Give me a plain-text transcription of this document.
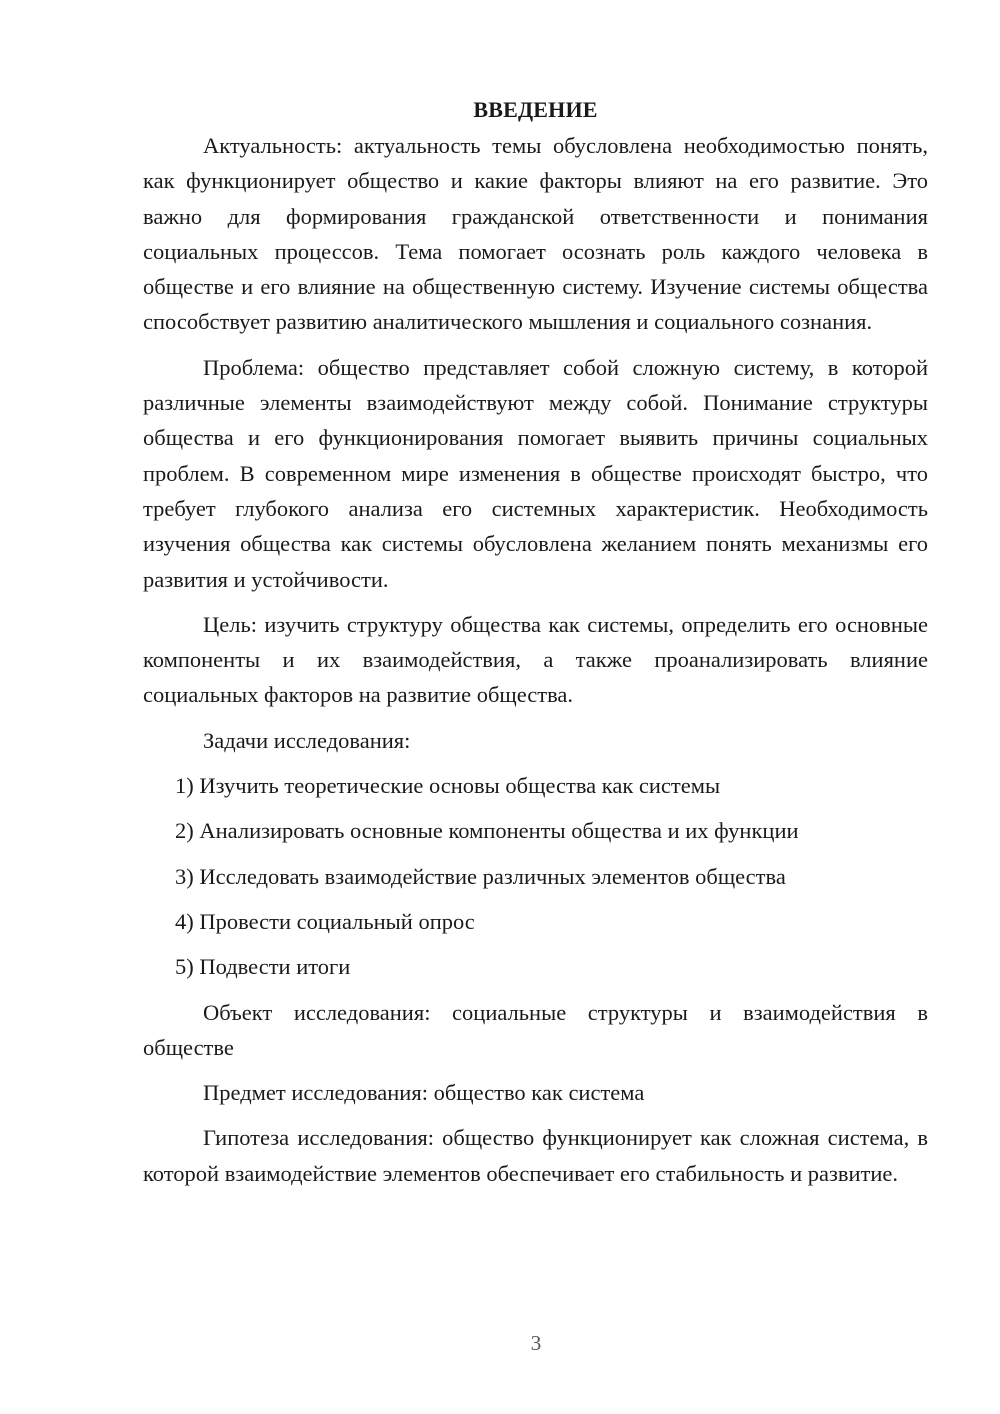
ВВЕДЕНИЕ

Актуальность: актуальность темы обусловлена необходимостью понять, как функционирует общество и какие факторы влияют на его развитие. Это важно для формирования гражданской ответственности и понимания социальных процессов. Тема помогает осознать роль каждого человека в обществе и его влияние на общественную систему. Изучение системы общества способствует развитию аналитического мышления и социального сознания.

Проблема: общество представляет собой сложную систему, в которой различные элементы взаимодействуют между собой. Понимание структуры общества и его функционирования помогает выявить причины социальных проблем. В современном мире изменения в обществе происходят быстро, что требует глубокого анализа его системных характеристик. Необходимость изучения общества как системы обусловлена желанием понять механизмы его развития и устойчивости.

Цель: изучить структуру общества как системы, определить его основные компоненты и их взаимодействия, а также проанализировать влияние социальных факторов на развитие общества.

Задачи исследования:

1) Изучить теоретические основы общества как системы
2) Анализировать основные компоненты общества и их функции
3) Исследовать взаимодействие различных элементов общества
4) Провести социальный опрос
5) Подвести итоги

Объект исследования: социальные структуры и взаимодействия в обществе

Предмет исследования: общество как система

Гипотеза исследования: общество функционирует как сложная система, в которой взаимодействие элементов обеспечивает его стабильность и развитие.

3
